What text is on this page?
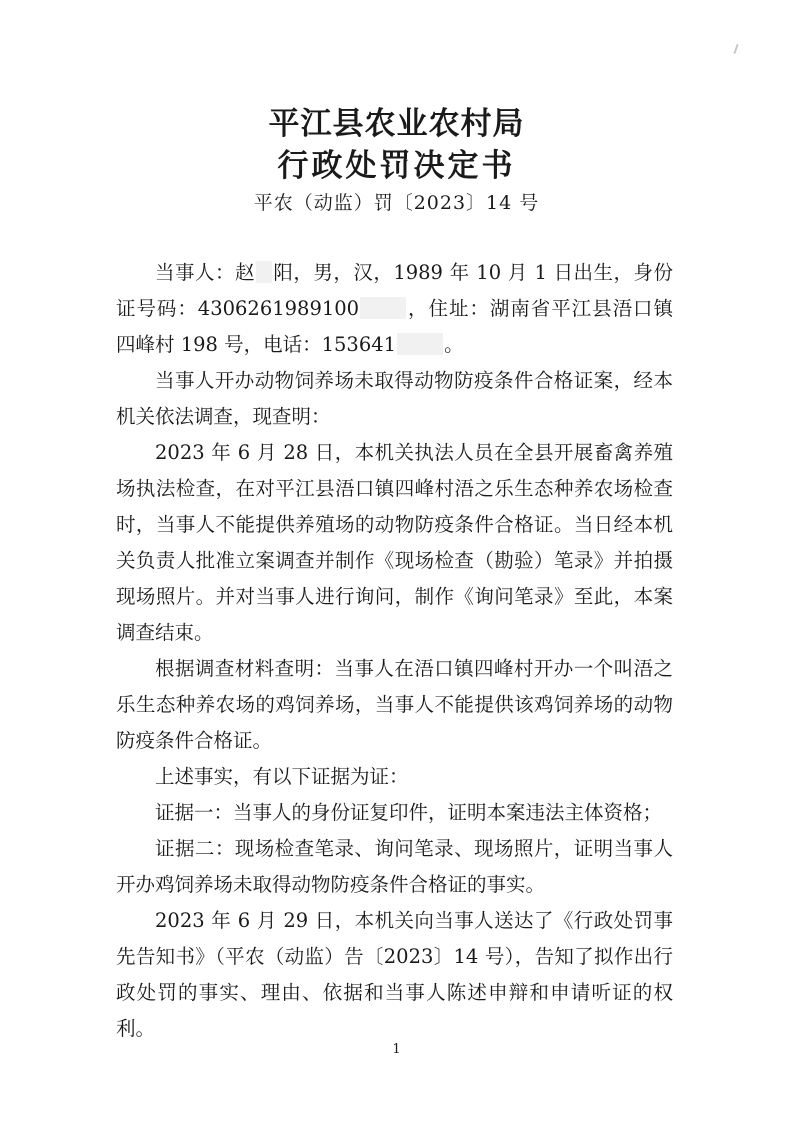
平江县农业农村局
行政处罚决定书
平农（动监）罚〔2023〕14 号

当事人：赵 阳，男，汉，1989 年 10 月 1 日出生，身份证号码：4306261989100 ，住址：湖南省平江县浯口镇四峰村 198 号，电话：153641 。

当事人开办动物饲养场未取得动物防疫条件合格证案，经本机关依法调查，现查明：

2023 年 6 月 28 日，本机关执法人员在全县开展畜禽养殖场执法检查，在对平江县浯口镇四峰村浯之乐生态种养农场检查时，当事人不能提供养殖场的动物防疫条件合格证。当日经本机关负责人批准立案调查并制作《现场检查（勘验）笔录》并拍摄现场照片。并对当事人进行询问，制作《询问笔录》至此，本案调查结束。

根据调查材料查明：当事人在浯口镇四峰村开办一个叫浯之乐生态种养农场的鸡饲养场，当事人不能提供该鸡饲养场的动物防疫条件合格证。

上述事实，有以下证据为证：

证据一：当事人的身份证复印件，证明本案违法主体资格；

证据二：现场检查笔录、询问笔录、现场照片，证明当事人开办鸡饲养场未取得动物防疫条件合格证的事实。

2023 年 6 月 29 日，本机关向当事人送达了《行政处罚事先告知书》（平农（动监）告〔2023〕14 号），告知了拟作出行政处罚的事实、理由、依据和当事人陈述申辩和申请听证的权利。

1
